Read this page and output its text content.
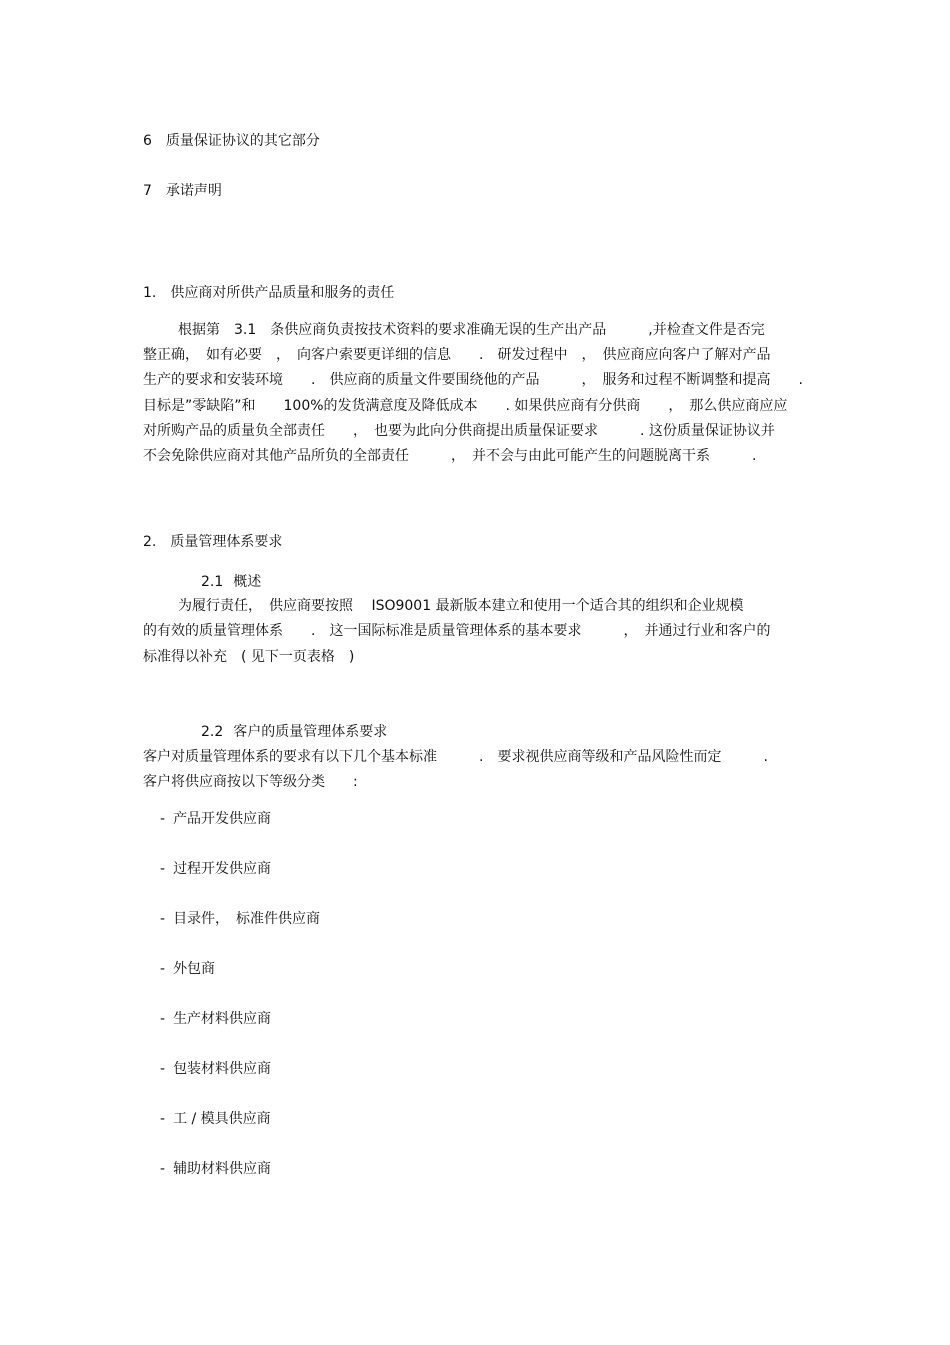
6 质量保证协议的其它部分
7 承诺声明
1. 供应商对所供产品质量和服务的责任
根据第　3.1　条供应商负责按技术资料的要求准确无误的生产出产品　　　,并检查文件是否完
整正确，　如有必要　，　向客户索要更详细的信息　　.　研发过程中　，　供应商应向客户了解对产品
生产的要求和安装环境　　.　供应商的质量文件要围绕他的产品　　　，　服务和过程不断调整和提高　　.
目标是”零缺陷”和　　100%的发货满意度及降低成本　　. 如果供应商有分供商　　，　那么供应商应应
对所购产品的质量负全部责任　　，　也要为此向分供商提出质量保证要求　　　. 这份质量保证协议并
不会免除供应商对其他产品所负的全部责任　　　，　并不会与由此可能产生的问题脱离干系　　　.
2. 质量管理体系要求
2.1 概述
为履行责任，　供应商要按照　 ISO9001 最新版本建立和使用一个适合其的组织和企业规模
的有效的质量管理体系　　.　这一国际标准是质量管理体系的基本要求　　　，　并通过行业和客户的
标准得以补充　( 见下一页表格　)
2.2 客户的质量管理体系要求
客户对质量管理体系的要求有以下几个基本标准　　　.　要求视供应商等级和产品风险性而定　　　.
客户将供应商按以下等级分类　　:
- 产品开发供应商
- 过程开发供应商
- 目录件，　标准件供应商
- 外包商
- 生产材料供应商
- 包装材料供应商
- 工 / 模具供应商
- 辅助材料供应商
